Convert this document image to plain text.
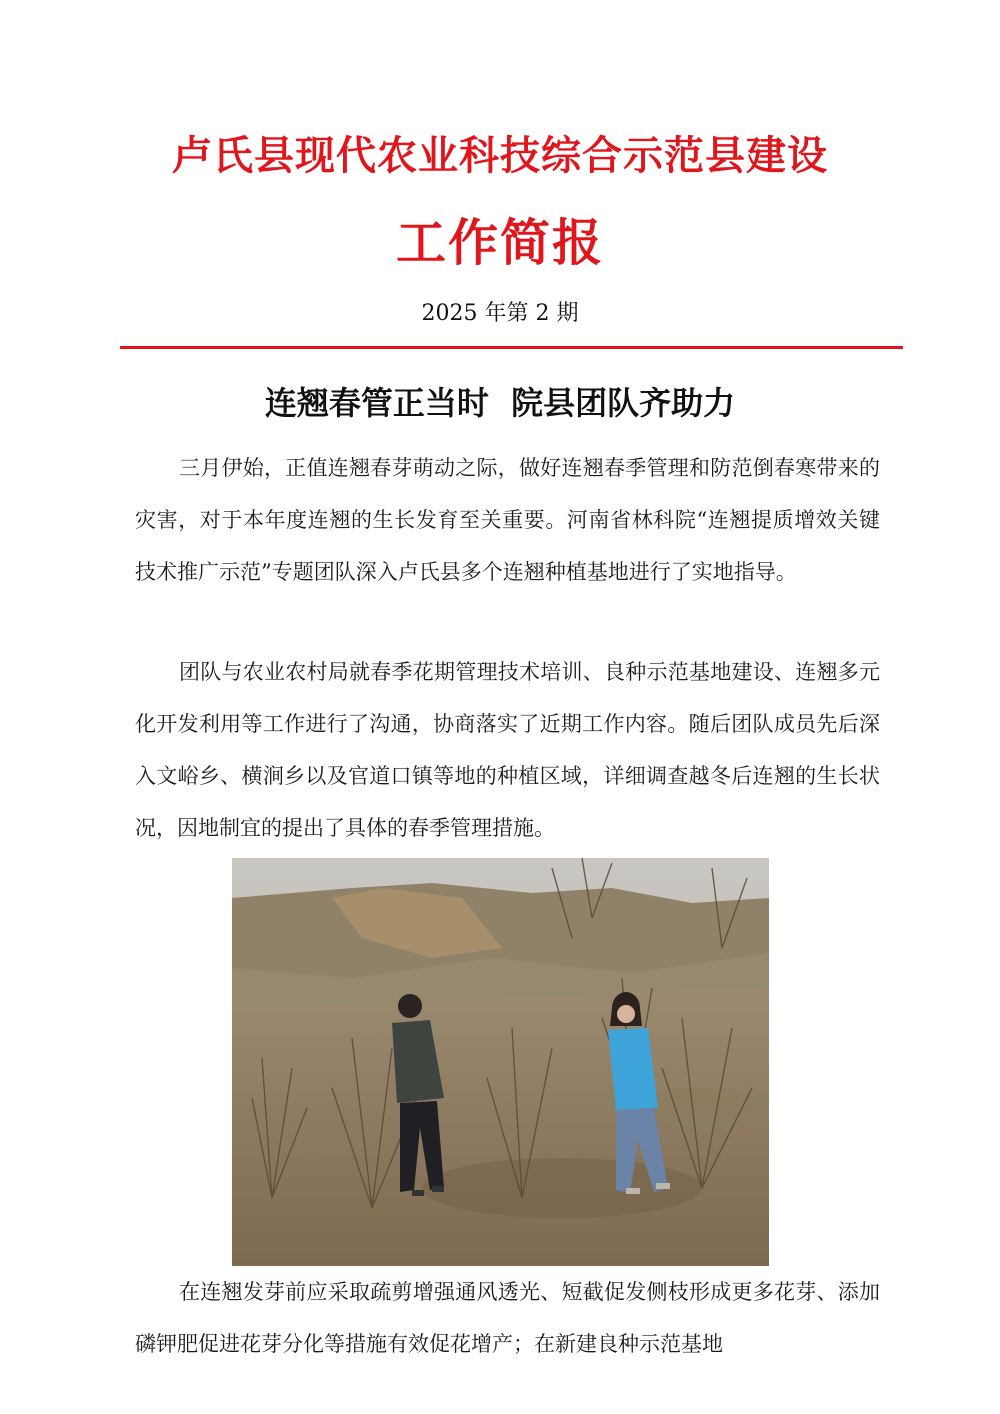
卢氏县现代农业科技综合示范县建设
工作简报
2025 年第 2 期
连翘春管正当时  院县团队齐助力

三月伊始，正值连翘春芽萌动之际，做好连翘春季管理和防范倒春寒带来的灾害，对于本年度连翘的生长发育至关重要。河南省林科院“连翘提质增效关键技术推广示范”专题团队深入卢氏县多个连翘种植基地进行了实地指导。

团队与农业农村局就春季花期管理技术培训、良种示范基地建设、连翘多元化开发利用等工作进行了沟通，协商落实了近期工作内容。随后团队成员先后深入文峪乡、横涧乡以及官道口镇等地的种植区域，详细调查越冬后连翘的生长状况，因地制宜的提出了具体的春季管理措施。

在连翘发芽前应采取疏剪增强通风透光、短截促发侧枝形成更多花芽、添加磷钾肥促进花芽分化等措施有效促花增产；在新建良种示范基地
